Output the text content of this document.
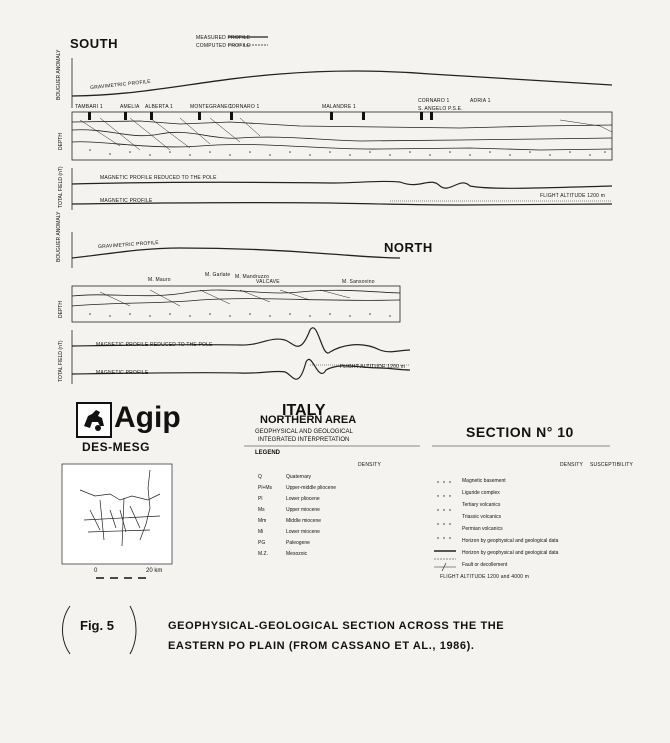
SOUTH	MEASURED PROFILE
COMPUTED PROFILE
GRAVIMETRIC PROFILE
BOUGUER ANOMALY
DEPTH
TOTAL FIELD (nT)	MAGNETIC PROFILE REDUCED TO THE POLE
MAGNETIC PROFILE
FLIGHT ALTITUDE 1200 m
TAMBARI 1	AMELIA ALBERTA 1	MONTEGRANE 1
CORNARO 1	MALANDRE 1
CORNARO 1	ADRIA 1
S. ANGELO P.S.E.
NORTH
GRAVIMETRIC PROFILE
BOUGUER ANOMALY
DEPTH
TOTAL FIELD (nT)	MAGNETIC PROFILE REDUCED TO THE POLE
MAGNETIC PROFILE
FLIGHT ALTITUDE 1200 m
M. Mauro
M. Garlate M. Mandruzzo
VALCAVE	M. Sansovino
Agip
DES-MESG
ITALY
NORTHERN AREA
GEOPHYSICAL AND GEOLOGICAL
INTEGRATED INTERPRETATION	SECTION N° 10
LEGEND
DENSITY	DENSITY SUSCEPTIBILITY
Q	Quaternary
Pl+Ms	Upper-middle pliocene
Pl	Lower pliocene
Ms	Upper miocene
Mm	Middle miocene
Mi	Lower miocene
PG	Paleogene
M.Z.	Mesozoic
Magnetic basement
Liguride complex
Tertiary volcanics
Triassic volcanics
Permian volcanics
Horizon by geophysical and geological data
Horizon by geophysical and geological data
Fault or decollement
FLIGHT ALTITUDE 1200 and 4000 m
0	20 km
Fig. 5	GEOPHYSICAL-GEOLOGICAL SECTION ACROSS THE THE
EASTERN PO PLAIN (FROM CASSANO ET AL., 1986).
